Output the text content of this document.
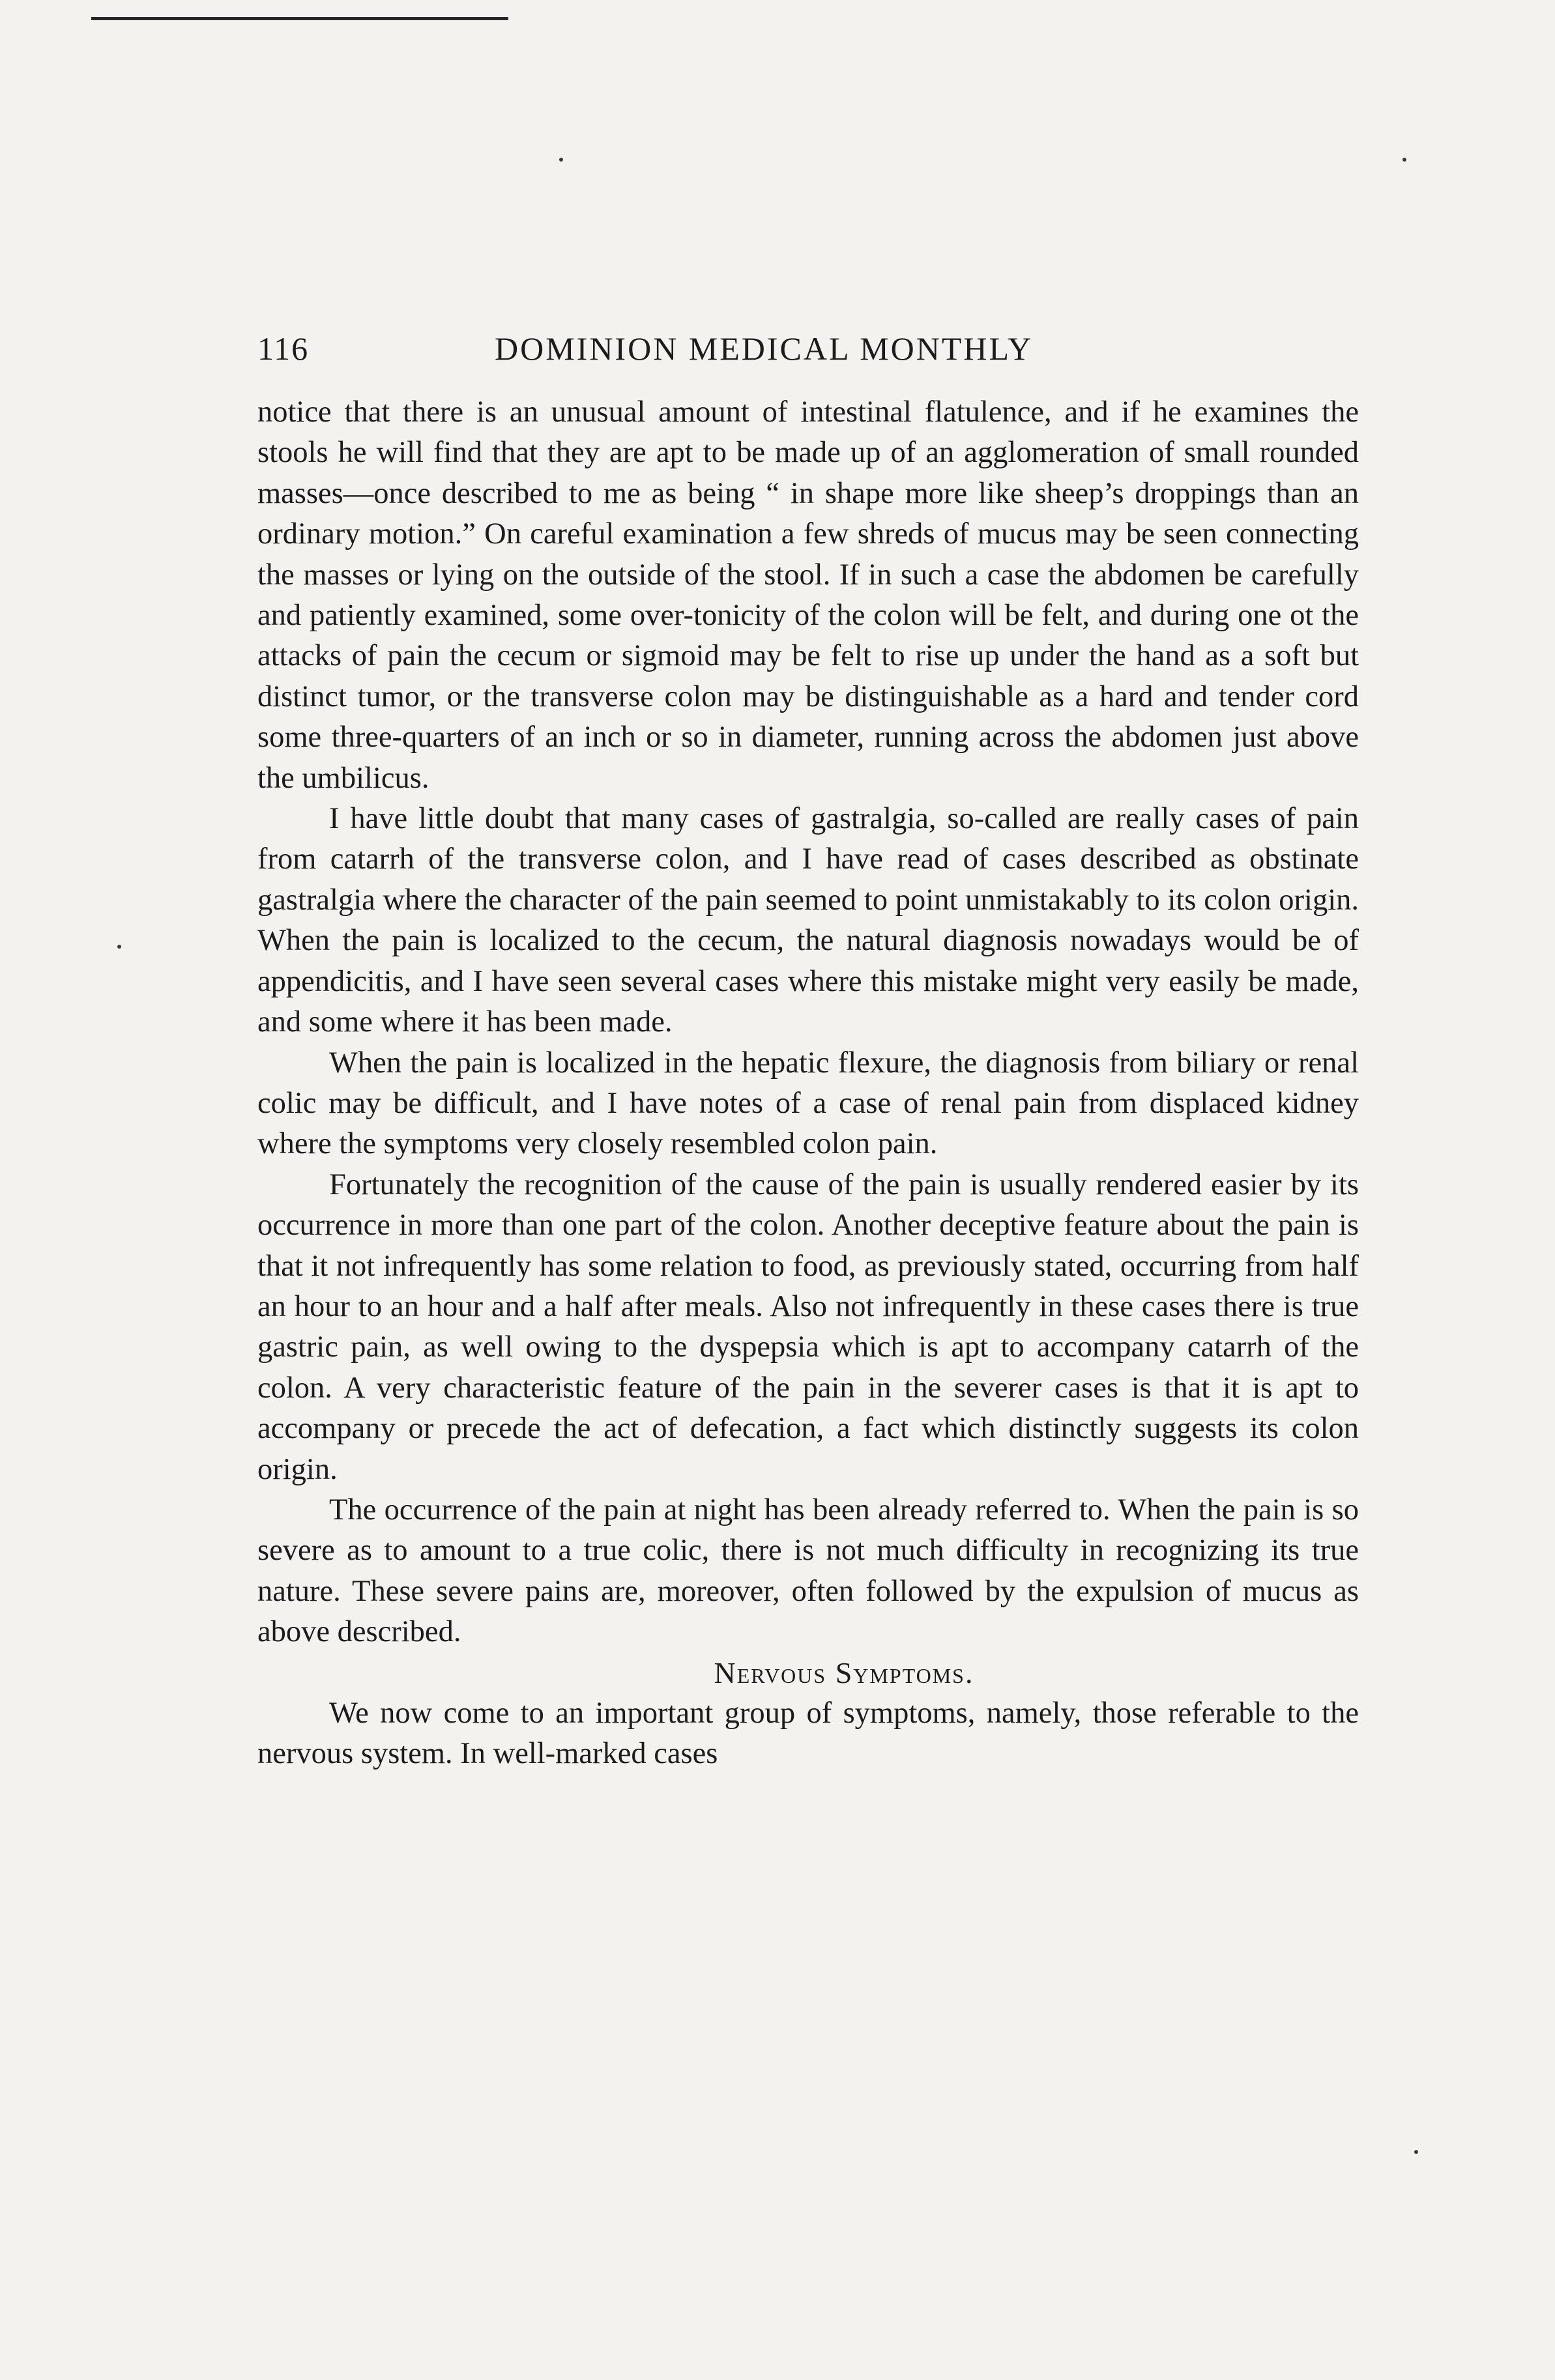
116	DOMINION MEDICAL MONTHLY

notice that there is an unusual amount of intestinal flatulence, and if he examines the stools he will find that they are apt to be made up of an agglomeration of small rounded masses—once described to me as being “ in shape more like sheep’s droppings than an ordinary motion.” On careful examination a few shreds of mucus may be seen connecting the masses or lying on the outside of the stool. If in such a case the abdomen be carefully and patiently examined, some over-tonicity of the colon will be felt, and during one ot the attacks of pain the cecum or sigmoid may be felt to rise up under the hand as a soft but distinct tumor, or the transverse colon may be distinguishable as a hard and tender cord some three-quarters of an inch or so in diameter, running across the abdomen just above the umbilicus.

I have little doubt that many cases of gastralgia, so-called are really cases of pain from catarrh of the transverse colon, and I have read of cases described as obstinate gastralgia where the character of the pain seemed to point unmistakably to its colon origin. When the pain is localized to the cecum, the natural diagnosis nowadays would be of appendicitis, and I have seen several cases where this mistake might very easily be made, and some where it has been made.

When the pain is localized in the hepatic flexure, the diagnosis from biliary or renal colic may be difficult, and I have notes of a case of renal pain from displaced kidney where the symptoms very closely resembled colon pain.

Fortunately the recognition of the cause of the pain is usually rendered easier by its occurrence in more than one part of the colon. Another deceptive feature about the pain is that it not infrequently has some relation to food, as previously stated, occurring from half an hour to an hour and a half after meals. Also not infrequently in these cases there is true gastric pain, as well owing to the dyspepsia which is apt to accompany catarrh of the colon. A very characteristic feature of the pain in the severer cases is that it is apt to accompany or precede the act of defecation, a fact which distinctly suggests its colon origin.

The occurrence of the pain at night has been already referred to. When the pain is so severe as to amount to a true colic, there is not much difficulty in recognizing its true nature. These severe pains are, moreover, often followed by the expulsion of mucus as above described.

Nervous Symptoms.

We now come to an important group of symptoms, namely, those referable to the nervous system. In well-marked cases
